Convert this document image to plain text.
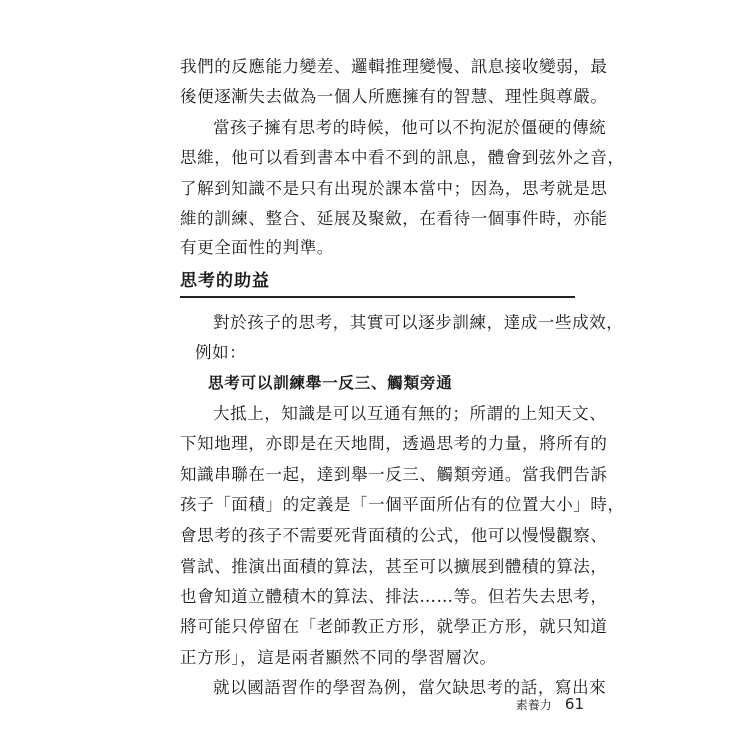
我們的反應能力變差、邏輯推理變慢、訊息接收變弱，最
後便逐漸失去做為一個人所應擁有的智慧、理性與尊嚴。
當孩子擁有思考的時候，他可以不拘泥於僵硬的傳統
思維，他可以看到書本中看不到的訊息，體會到弦外之音，
了解到知識不是只有出現於課本當中；因為，思考就是思
維的訓練、整合、延展及聚斂，在看待一個事件時，亦能
有更全面性的判準。
思考的助益
對於孩子的思考，其實可以逐步訓練，達成一些成效，
例如：
思考可以訓練舉一反三、觸類旁通
大抵上，知識是可以互通有無的；所謂的上知天文、
下知地理，亦即是在天地間，透過思考的力量，將所有的
知識串聯在一起，達到舉一反三、觸類旁通。當我們告訴
孩子「面積」的定義是「一個平面所佔有的位置大小」時，
會思考的孩子不需要死背面積的公式，他可以慢慢觀察、
嘗試、推演出面積的算法，甚至可以擴展到體積的算法，
也會知道立體積木的算法、排法……等。但若失去思考，
將可能只停留在「老師教正方形，就學正方形，就只知道
正方形」，這是兩者顯然不同的學習層次。
就以國語習作的學習為例，當欠缺思考的話，寫出來
素養力 61
